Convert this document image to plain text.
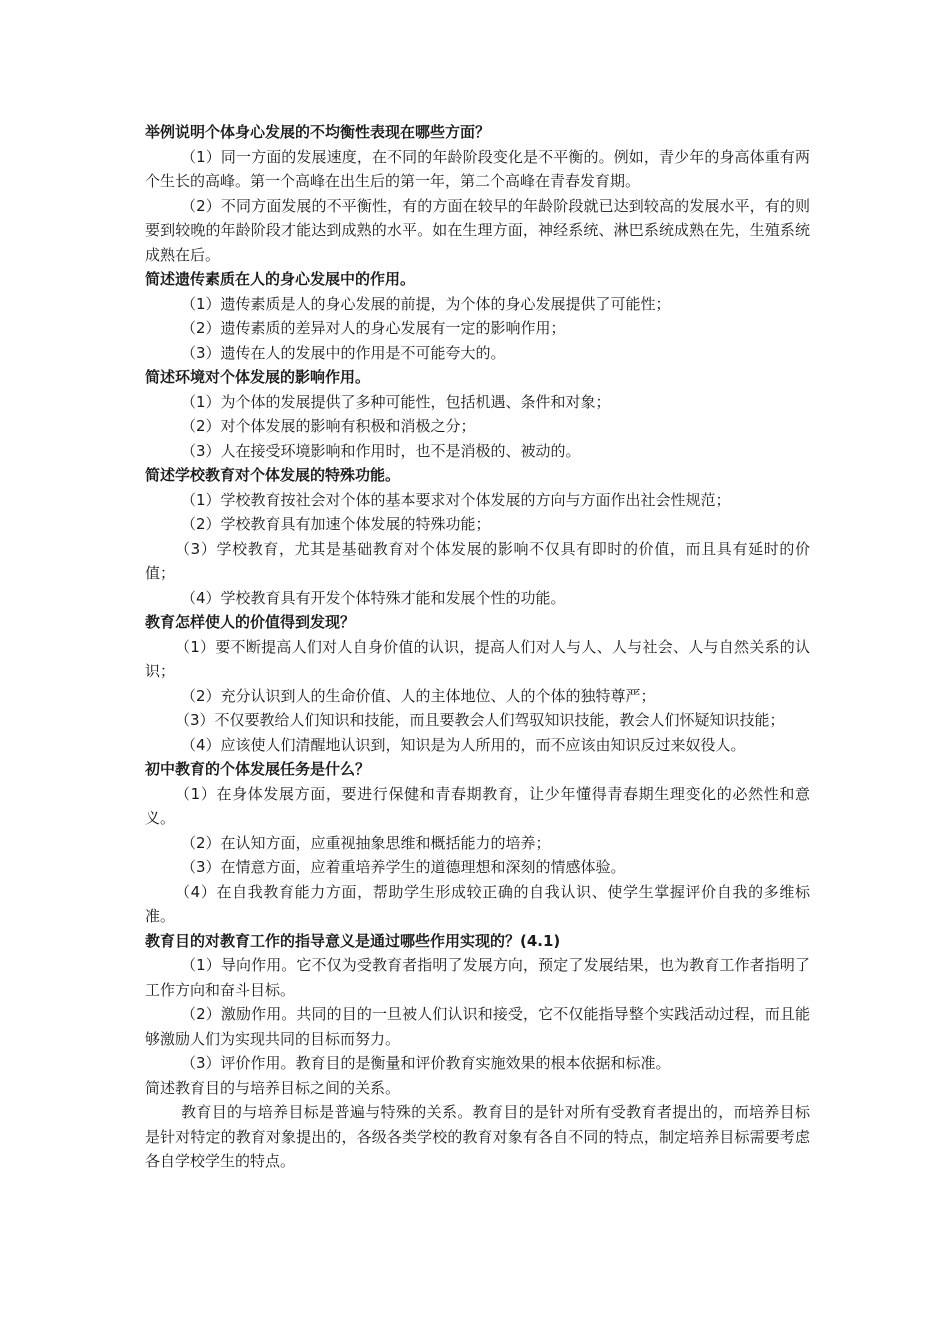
举例说明个体身心发展的不均衡性表现在哪些方面？

（1）同一方面的发展速度，在不同的年龄阶段变化是不平衡的。例如，青少年的身高体重有两个生长的高峰。第一个高峰在出生后的第一年，第二个高峰在青春发育期。

（2）不同方面发展的不平衡性，有的方面在较早的年龄阶段就已达到较高的发展水平，有的则要到较晚的年龄阶段才能达到成熟的水平。如在生理方面，神经系统、淋巴系统成熟在先，生殖系统成熟在后。

简述遗传素质在人的身心发展中的作用。

（1）遗传素质是人的身心发展的前提，为个体的身心发展提供了可能性；

（2）遗传素质的差异对人的身心发展有一定的影响作用；

（3）遗传在人的发展中的作用是不可能夸大的。

简述环境对个体发展的影响作用。

（1）为个体的发展提供了多种可能性，包括机遇、条件和对象；

（2）对个体发展的影响有积极和消极之分；

（3）人在接受环境影响和作用时，也不是消极的、被动的。

简述学校教育对个体发展的特殊功能。

（1）学校教育按社会对个体的基本要求对个体发展的方向与方面作出社会性规范；

（2）学校教育具有加速个体发展的特殊功能；

（3）学校教育，尤其是基础教育对个体发展的影响不仅具有即时的价值，而且具有延时的价值；

（4）学校教育具有开发个体特殊才能和发展个性的功能。

教育怎样使人的价值得到发现？

（1）要不断提高人们对人自身价值的认识，提高人们对人与人、人与社会、人与自然关系的认识；

（2）充分认识到人的生命价值、人的主体地位、人的个体的独特尊严；

（3）不仅要教给人们知识和技能，而且要教会人们驾驭知识技能，教会人们怀疑知识技能；

（4）应该使人们清醒地认识到，知识是为人所用的，而不应该由知识反过来奴役人。

初中教育的个体发展任务是什么？

（1）在身体发展方面，要进行保健和青春期教育，让少年懂得青春期生理变化的必然性和意义。

（2）在认知方面，应重视抽象思维和概括能力的培养；

（3）在情意方面，应着重培养学生的道德理想和深刻的情感体验。

（4）在自我教育能力方面，帮助学生形成较正确的自我认识、使学生掌握评价自我的多维标准。

教育目的对教育工作的指导意义是通过哪些作用实现的？(4.1)

（1）导向作用。它不仅为受教育者指明了发展方向，预定了发展结果，也为教育工作者指明了工作方向和奋斗目标。

（2）激励作用。共同的目的一旦被人们认识和接受，它不仅能指导整个实践活动过程，而且能够激励人们为实现共同的目标而努力。

（3）评价作用。教育目的是衡量和评价教育实施效果的根本依据和标准。

简述教育目的与培养目标之间的关系。

教育目的与培养目标是普遍与特殊的关系。教育目的是针对所有受教育者提出的，而培养目标是针对特定的教育对象提出的，各级各类学校的教育对象有各自不同的特点，制定培养目标需要考虑各自学校学生的特点。
